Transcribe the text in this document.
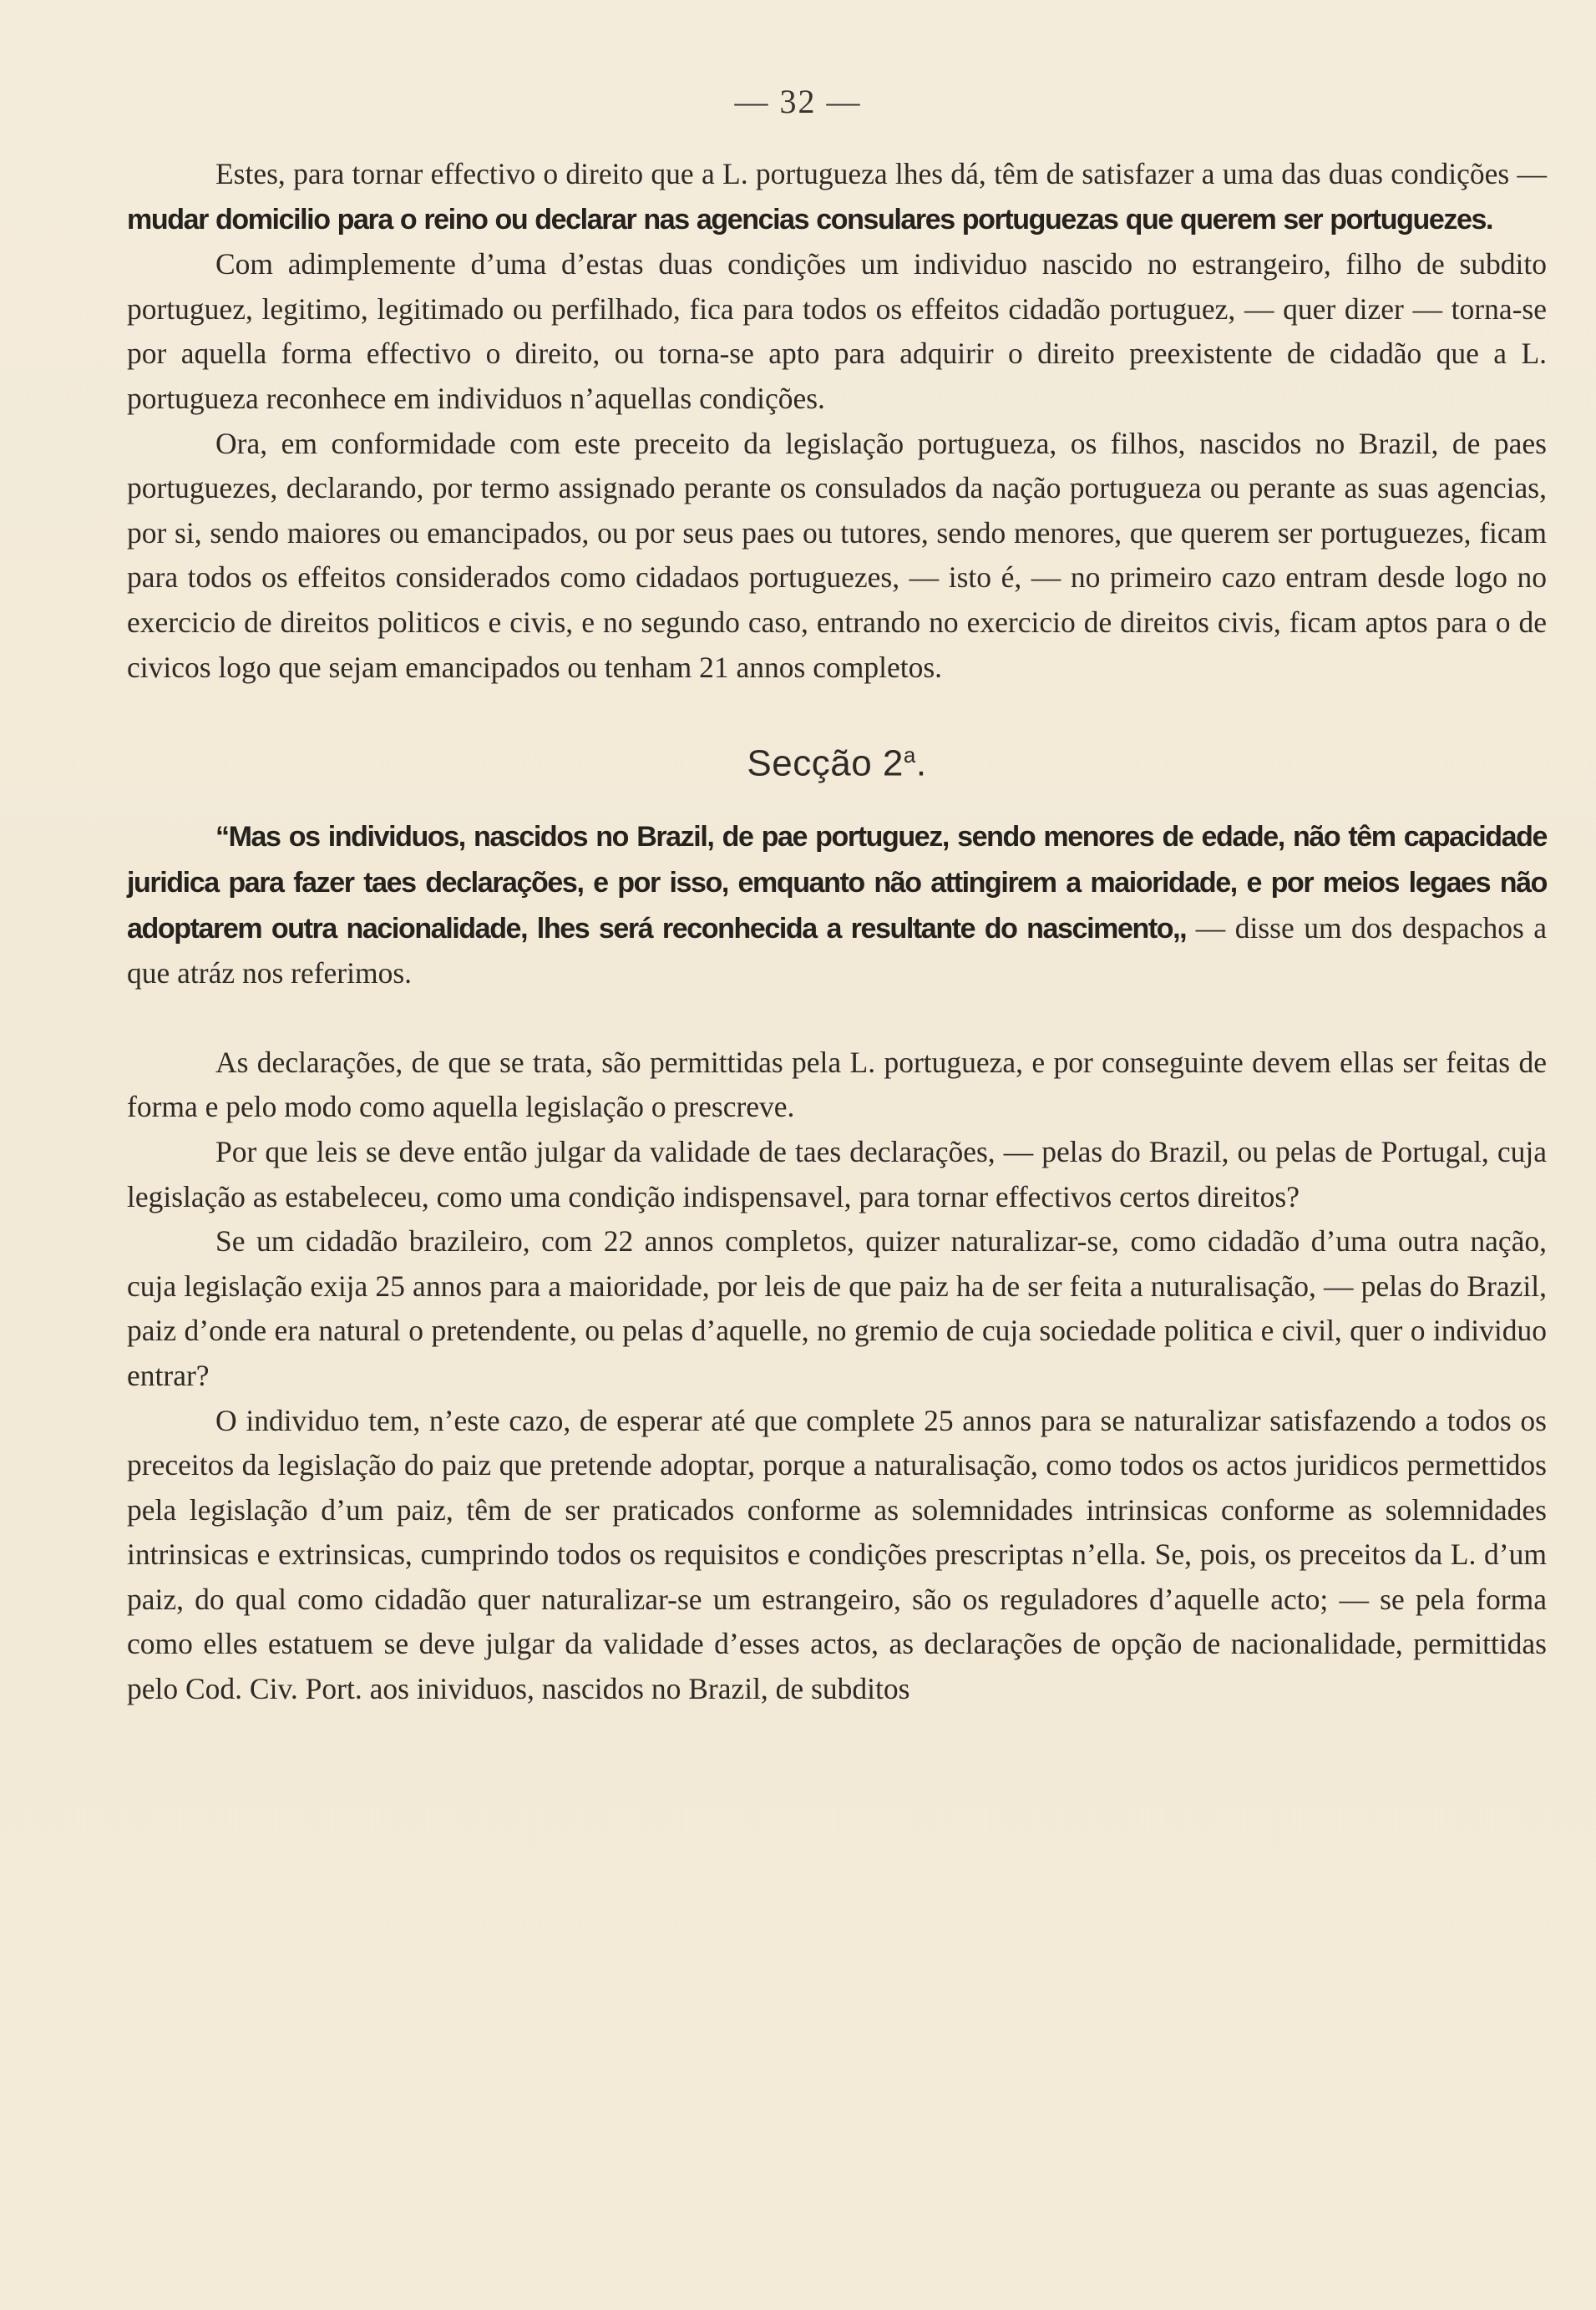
— 32 —

Estes, para tornar effectivo o direito que a L. portugueza lhes dá, têm de satisfazer a uma das duas condições — mudar domicilio para o reino ou declarar nas agencias consulares portuguezas que querem ser portuguezes.

Com adimplemente d’uma d’estas duas condições um individuo nascido no estrangeiro, filho de subdito portuguez, legitimo, legitimado ou perfilhado, fica para todos os effeitos cidadão portuguez, — quer dizer — torna-se por aquella forma effectivo o direito, ou torna-se apto para adquirir o direito preexistente de cidadão que a L. portugueza reconhece em individuos n’aquellas condições.

Ora, em conformidade com este preceito da legislação portugueza, os filhos, nascidos no Brazil, de paes portuguezes, declarando, por termo assignado perante os consulados da nação portugueza ou perante as suas agencias, por si, sendo maiores ou emancipados, ou por seus paes ou tutores, sendo menores, que querem ser portuguezes, ficam para todos os effeitos considerados como cidadaos portuguezes, — isto é, — no primeiro cazo entram desde logo no exercicio de direitos politicos e civis, e no segundo caso, entrando no exercicio de direitos civis, ficam aptos para o de civicos logo que sejam emancipados ou tenham 21 annos completos.

Secção 2$^a$.

“Mas os individuos, nascidos no Brazil, de pae portuguez, sendo menores de edade, não têm capacidade juridica para fazer taes declarações, e por isso, emquanto não attingirem a maioridade, e por meios legaes não adoptarem outra nacionalidade, lhes será reconhecida a resultante do nascimento,, — disse um dos despachos a que atráz nos referimos.

As declarações, de que se trata, são permittidas pela L. portugueza, e por conseguinte devem ellas ser feitas de forma e pelo modo como aquella legislação o prescreve.

Por que leis se deve então julgar da validade de taes declarações, — pelas do Brazil, ou pelas de Portugal, cuja legislação as estabeleceu, como uma condição indispensavel, para tornar effectivos certos direitos?

Se um cidadão brazileiro, com 22 annos completos, quizer naturalizar-se, como cidadão d’uma outra nação, cuja legislação exija 25 annos para a maioridade, por leis de que paiz ha de ser feita a nuturalisação, — pelas do Brazil, paiz d’onde era natural o pretendente, ou pelas d’aquelle, no gremio de cuja sociedade politica e civil, quer o individuo entrar?

O individuo tem, n’este cazo, de esperar até que complete 25 annos para se naturalizar satisfazendo a todos os preceitos da legislação do paiz que pretende adoptar, porque a naturalisação, como todos os actos juridicos permettidos pela legislação d’um paiz, têm de ser praticados conforme as solemnidades intrinsicas conforme as solemnidades intrinsicas e extrinsicas, cumprindo todos os requisitos e condições prescriptas n’ella. Se, pois, os preceitos da L. d’um paiz, do qual como cidadão quer naturalizar-se um estrangeiro, são os reguladores d’aquelle acto; — se pela forma como elles estatuem se deve julgar da validade d’esses actos, as declarações de opção de nacionalidade, permittidas pelo Cod. Civ. Port. aos inividuos, nascidos no Brazil, de subditos
